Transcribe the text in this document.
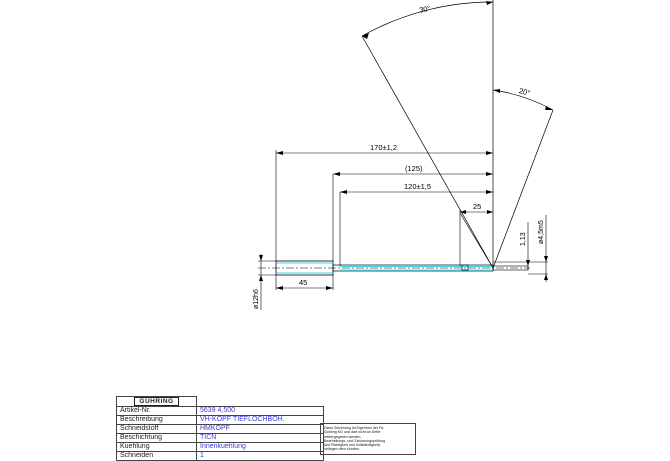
30°
20°
170±1,2
(125)
120±1,5
25
45
ø12h6
1,13 ø4,5m5
GÜHRING	
Artikel-Nr.	5639 4,500
Beschreibung	VH-KOPF TIEFLOCHBOH.
Schneidstoff	HMKOPF
Beschichtung	TICN
Kuehlung	Innenkuehlung
Schneiden	1
Diese Zeichnung ist Eigentum der Fa.
Gühring KG und darf nicht an Dritte
weitergegeben werden.
Bearbeitungs- und Zeichnungsprüfung
(auf Richtigkeit und Vollständigkeit)
obliegen dem Kunden.
